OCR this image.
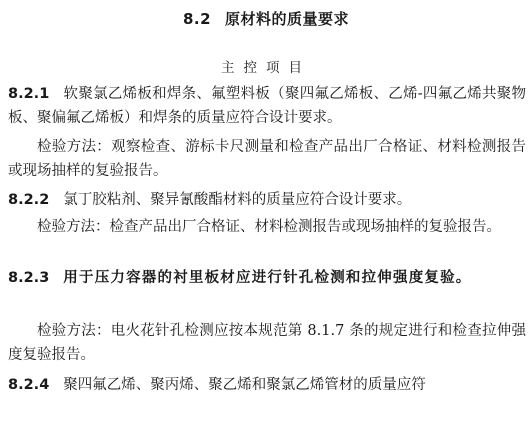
8.2 原材料的质量要求
主控项目
8.2.1 软聚氯乙烯板和焊条、氟塑料板（聚四氟乙烯板、乙烯-四氟乙烯共聚物板、聚偏氟乙烯板）和焊条的质量应符合设计要求。
检验方法：观察检查、游标卡尺测量和检查产品出厂合格证、材料检测报告或现场抽样的复验报告。
8.2.2 氯丁胶粘剂、聚异氰酸酯材料的质量应符合设计要求。
检验方法：检查产品出厂合格证、材料检测报告或现场抽样的复验报告。
8.2.3 用于压力容器的衬里板材应进行针孔检测和拉伸强度复验。
检验方法：电火花针孔检测应按本规范第 8.1.7 条的规定进行和检查拉伸强度复验报告。
8.2.4 聚四氟乙烯、聚丙烯、聚乙烯和聚氯乙烯管材的质量应符
